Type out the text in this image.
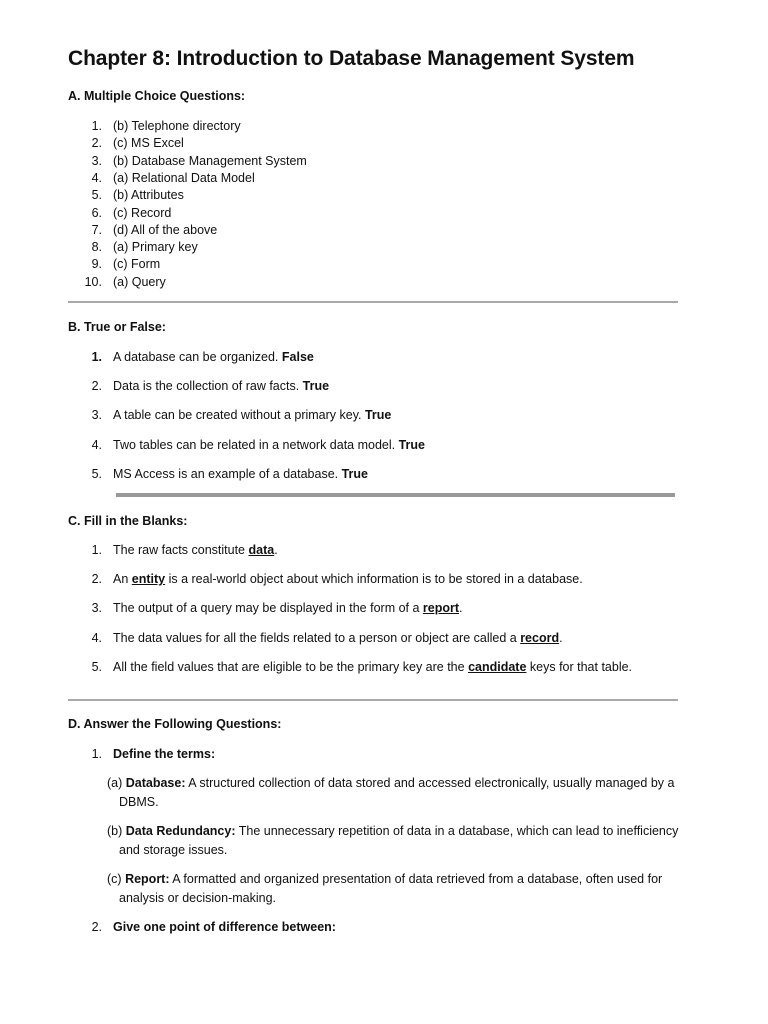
Chapter 8: Introduction to Database Management System
A. Multiple Choice Questions:
1. (b) Telephone directory
2. (c) MS Excel
3. (b) Database Management System
4. (a) Relational Data Model
5. (b) Attributes
6. (c) Record
7. (d) All of the above
8. (a) Primary key
9. (c) Form
10. (a) Query
B. True or False:
1. A database can be organized. False
2. Data is the collection of raw facts. True
3. A table can be created without a primary key. True
4. Two tables can be related in a network data model. True
5. MS Access is an example of a database. True
C. Fill in the Blanks:
1. The raw facts constitute data.
2. An entity is a real-world object about which information is to be stored in a database.
3. The output of a query may be displayed in the form of a report.
4. The data values for all the fields related to a person or object are called a record.
5. All the field values that are eligible to be the primary key are the candidate keys for that table.
D. Answer the Following Questions:
1. Define the terms:
(a) Database: A structured collection of data stored and accessed electronically, usually managed by a
DBMS.
(b) Data Redundancy: The unnecessary repetition of data in a database, which can lead to inefficiency
and storage issues.
(c) Report: A formatted and organized presentation of data retrieved from a database, often used for
analysis or decision-making.
2. Give one point of difference between:
